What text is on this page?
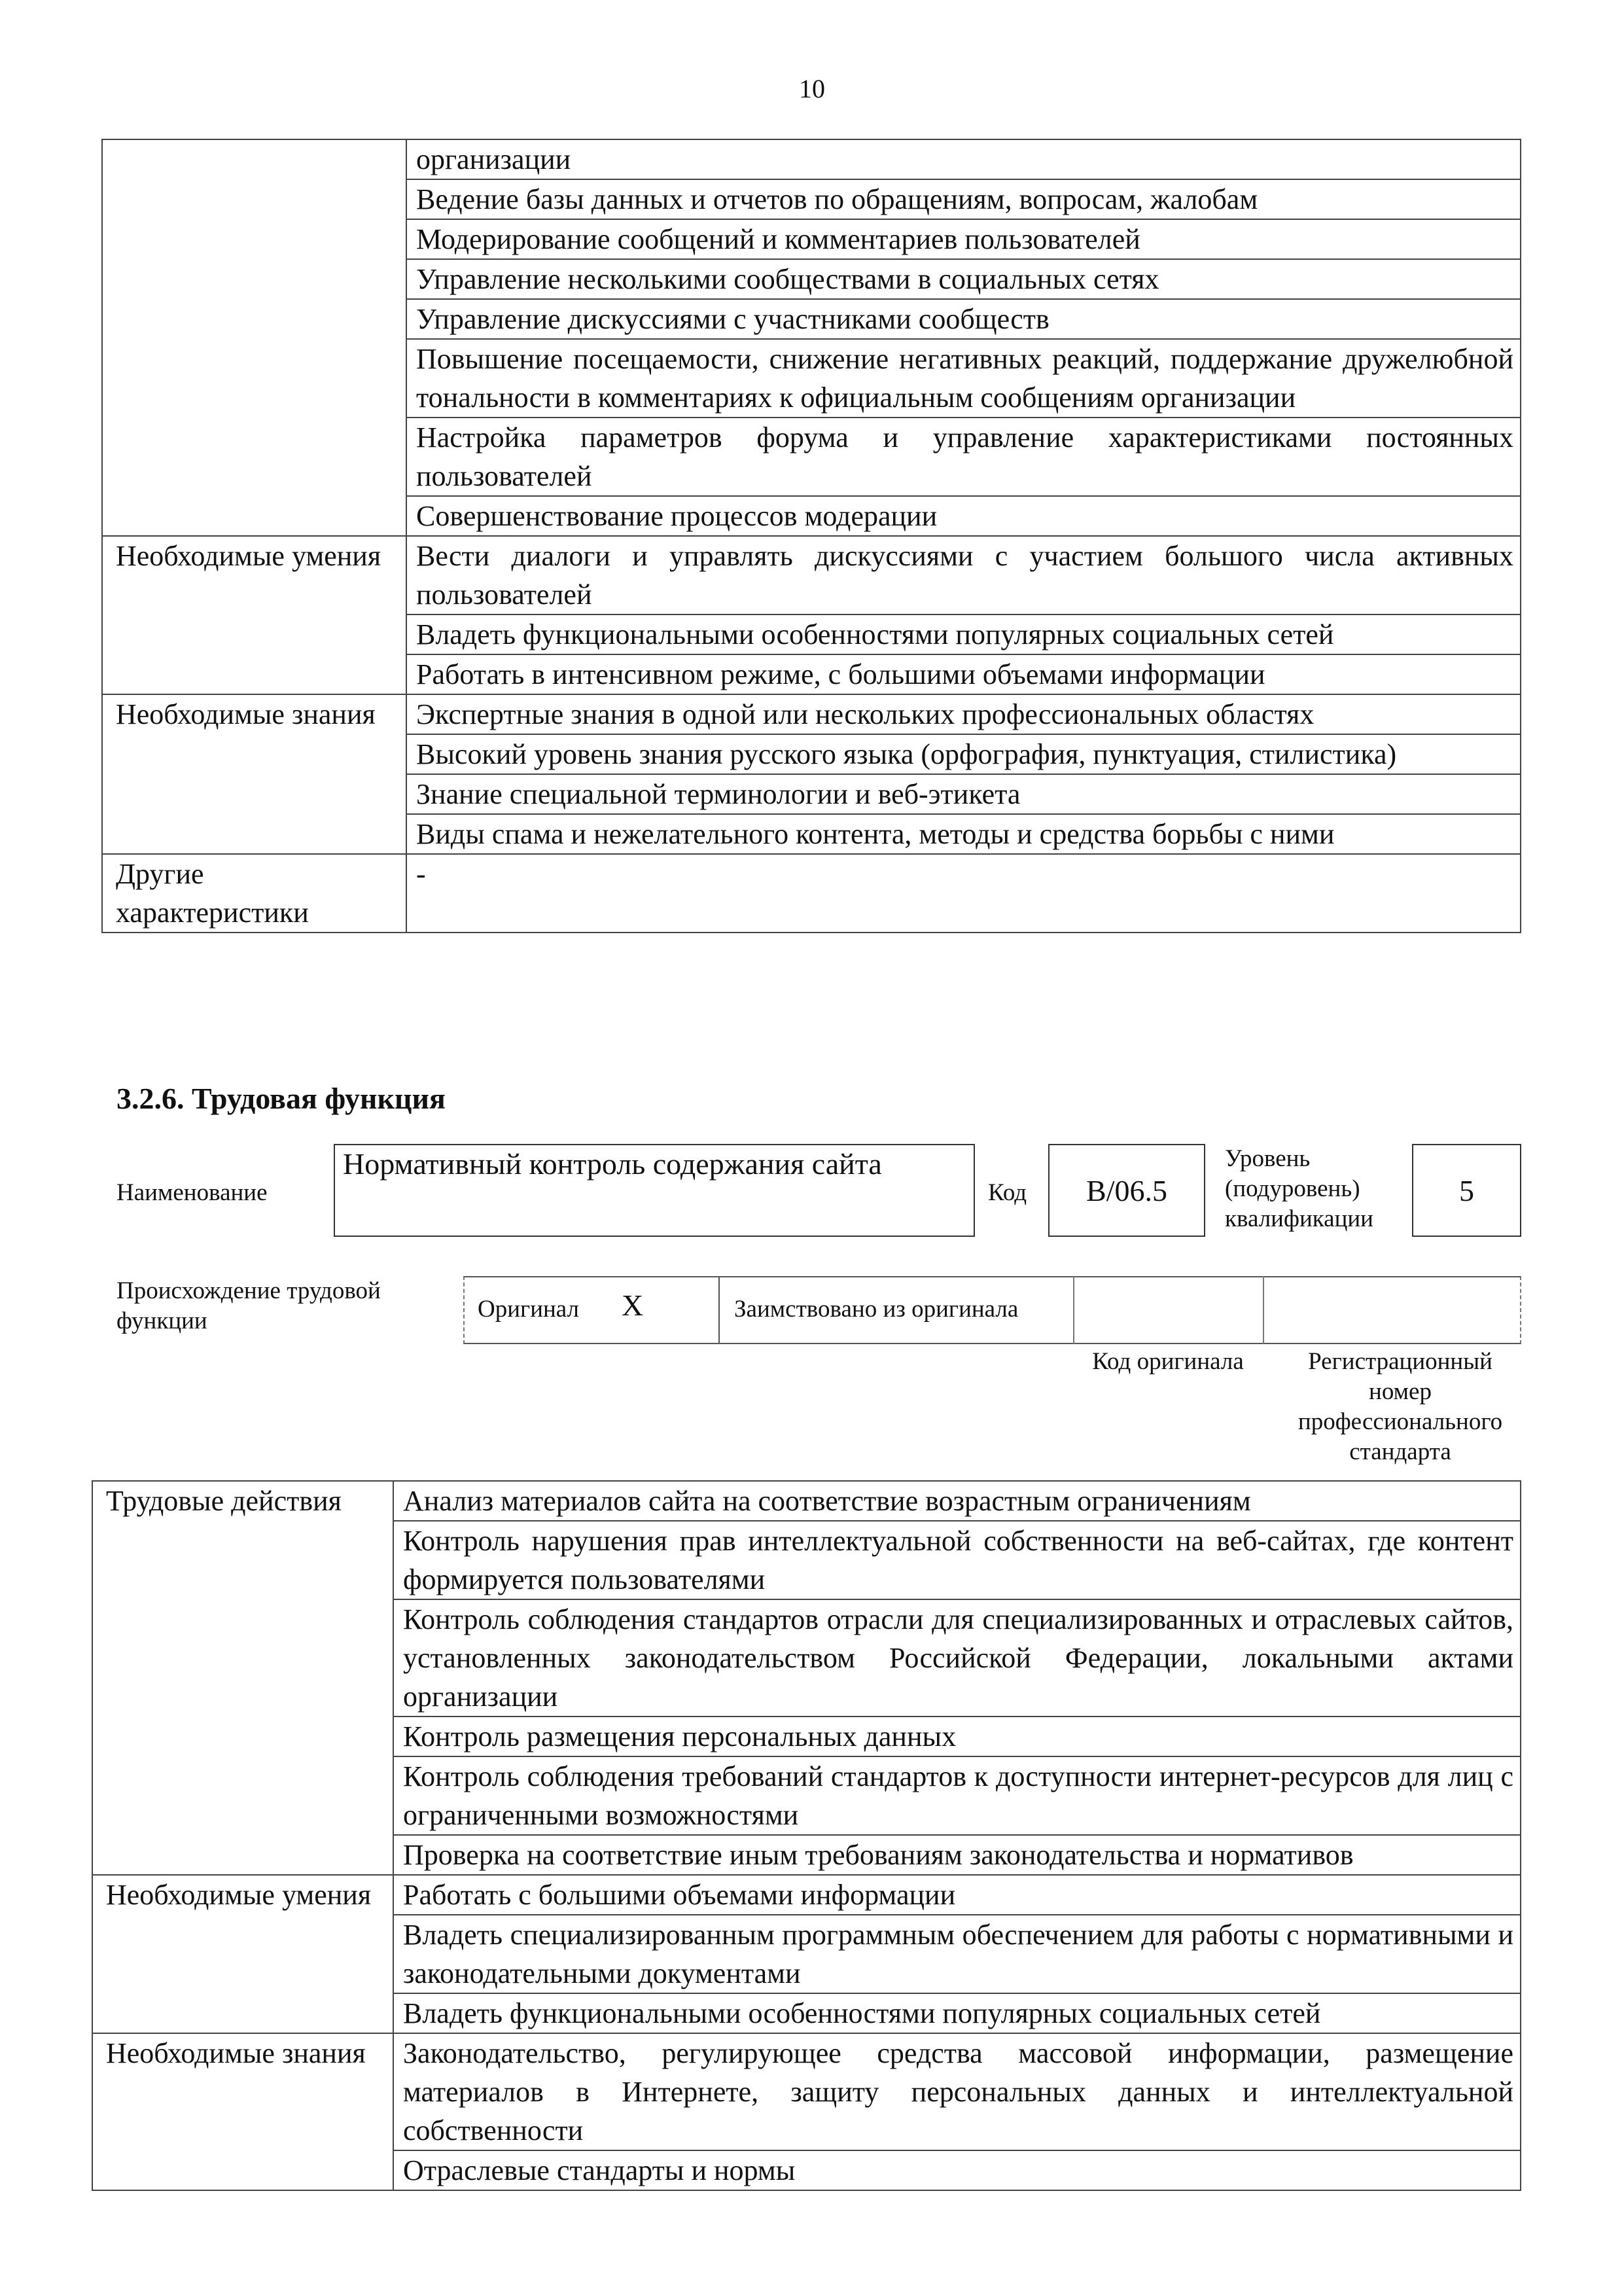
10
	организации
	Ведение базы данных и отчетов по обращениям, вопросам, жалобам
	Модерирование сообщений и комментариев пользователей
	Управление несколькими сообществами в социальных сетях
	Управление дискуссиями с участниками сообществ
	Повышение посещаемости, снижение негативных реакций, поддержание дружелюбной тональности в комментариях к официальным сообщениям организации
	Настройка параметров форума и управление характеристиками постоянных пользователей
	Совершенствование процессов модерации
Необходимые умения	Вести диалоги и управлять дискуссиями с участием большого числа активных пользователей
	Владеть функциональными особенностями популярных социальных сетей
	Работать в интенсивном режиме, с большими объемами информации
Необходимые знания	Экспертные знания в одной или нескольких профессиональных областях
	Высокий уровень знания русского языка (орфография, пунктуация, стилистика)
	Знание специальной терминологии и веб-этикета
	Виды спама и нежелательного контента, методы и средства борьбы с ними
Другие характеристики	-
3.2.6. Трудовая функция
Наименование
Нормативный контроль содержания сайта
Код	B/06.5
Уровень (подуровень) квалификации
5
Происхождение трудовой функции	Оригинал X	Заимствовано из оригинала
Код оригинала	Регистрационный номер профессионального стандарта
Трудовые действия	Анализ материалов сайта на соответствие возрастным ограничениям
	Контроль нарушения прав интеллектуальной собственности на веб-сайтах, где контент формируется пользователями
	Контроль соблюдения стандартов отрасли для специализированных и отраслевых сайтов, установленных законодательством Российской Федерации, локальными актами организации
	Контроль размещения персональных данных
	Контроль соблюдения требований стандартов к доступности интернет-ресурсов для лиц с ограниченными возможностями
	Проверка на соответствие иным требованиям законодательства и нормативов
Необходимые умения	Работать с большими объемами информации
	Владеть специализированным программным обеспечением для работы с нормативными и законодательными документами
	Владеть функциональными особенностями популярных социальных сетей
Необходимые знания	Законодательство, регулирующее средства массовой информации, размещение материалов в Интернете, защиту персональных данных и интеллектуальной собственности
	Отраслевые стандарты и нормы
